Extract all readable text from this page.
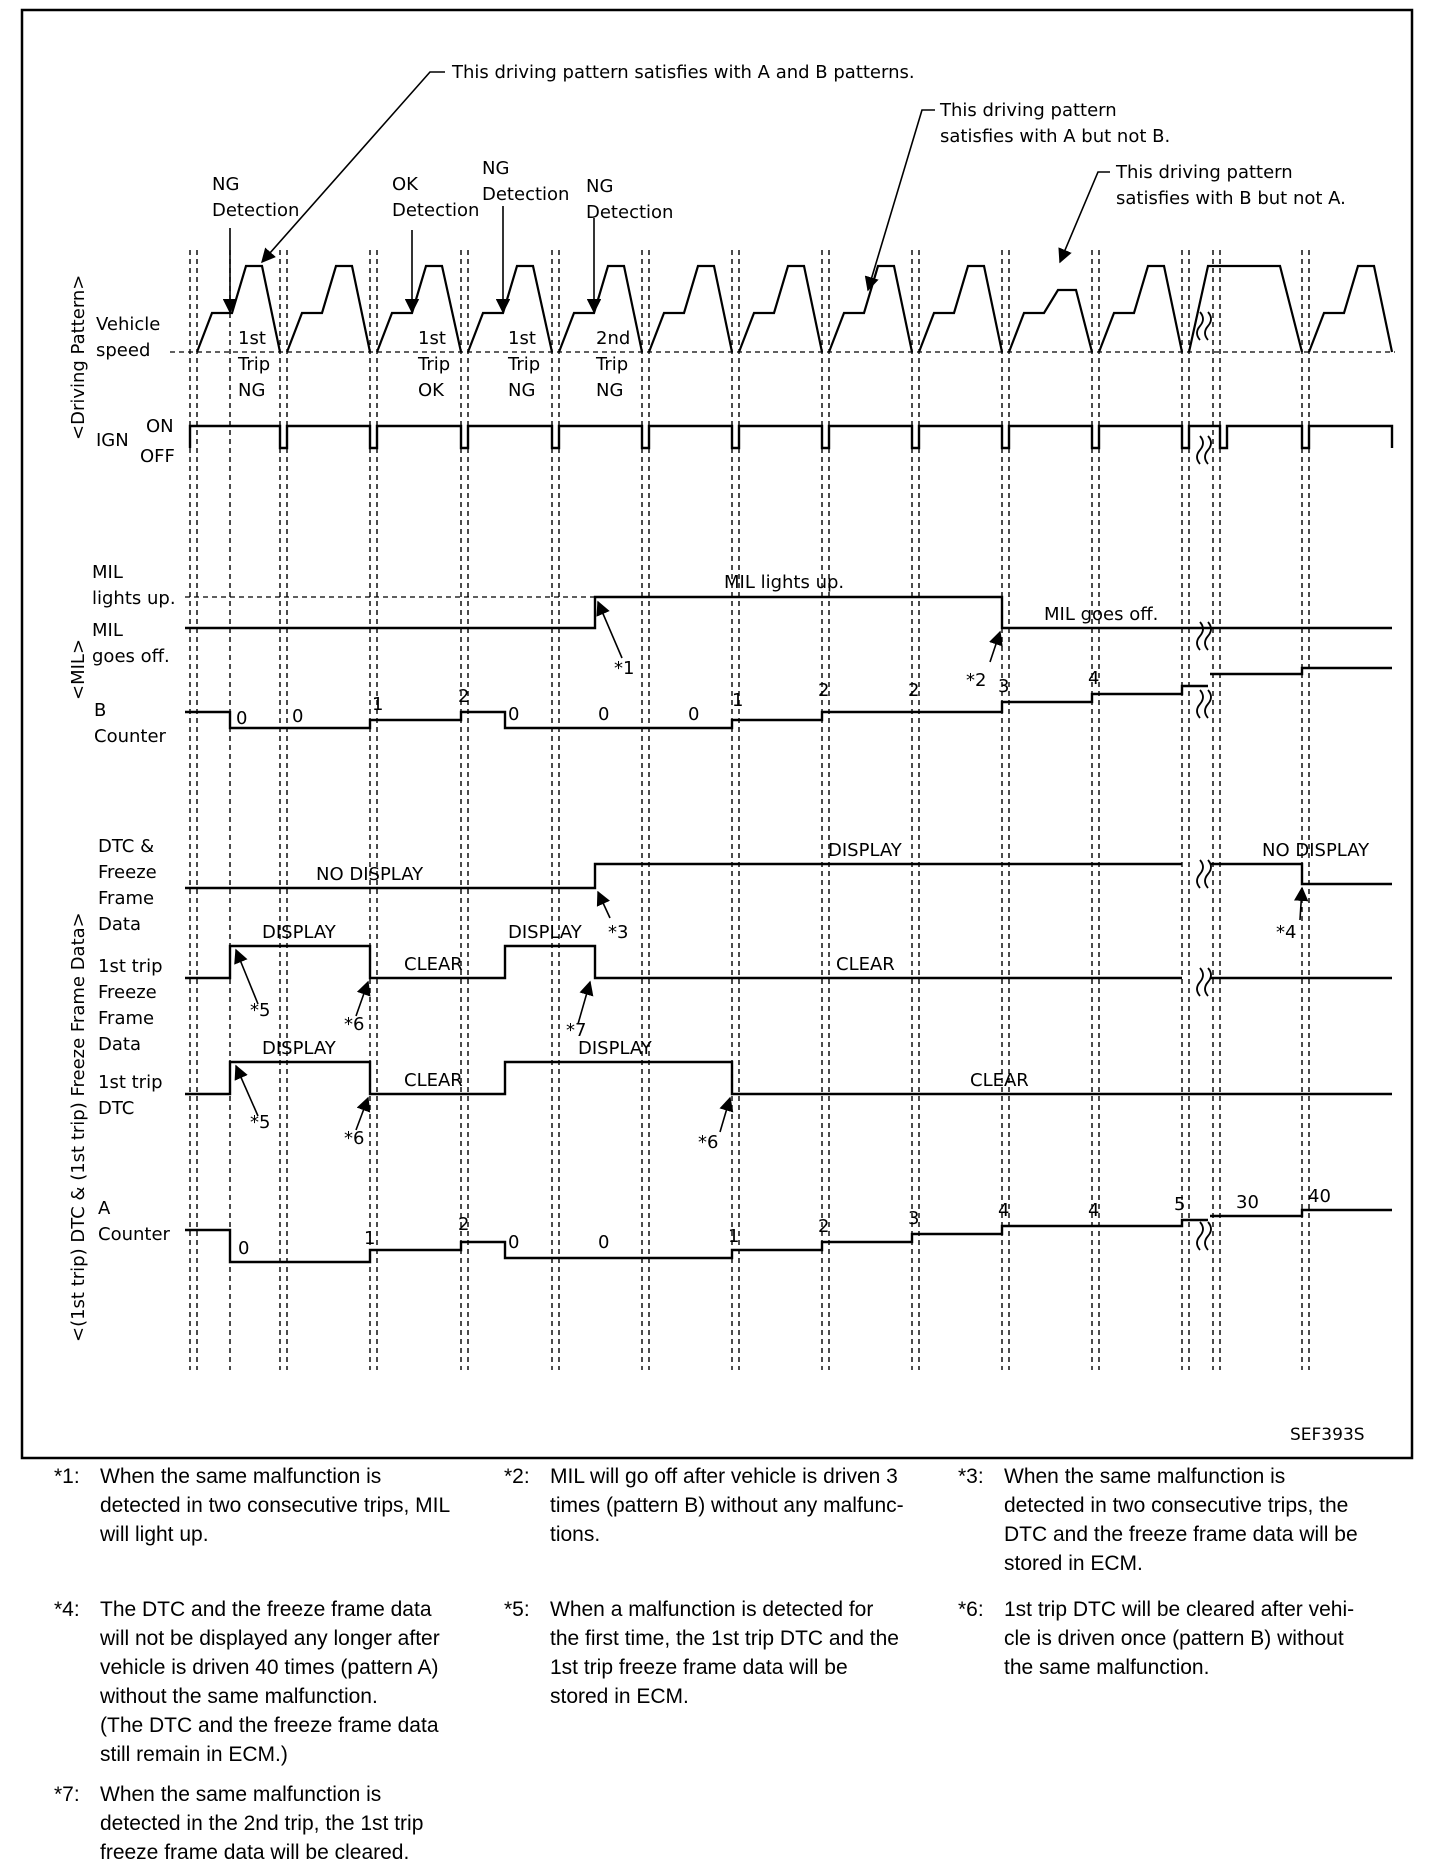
<Driving Pattern>
<MIL>
<(1st trip) DTC & (1st trip) Freeze Frame Data>
Vehicle
speed
IGN
ON
OFF
MIL
lights up.
MIL
goes off.
B
Counter
DTC &
Freeze
Frame
Data
1st trip
Freeze
Frame
Data
1st trip
DTC
A
Counter
This driving pattern satisfies with A and B patterns.
This driving pattern
satisfies with A but not B.
This driving pattern
satisfies with B but not A.
NG
Detection
OK
Detection
NG
Detection NG
Detection
1st
Trip
NG
1st
Trip
OK
1st
Trip
NG
2nd
Trip
NG
MIL lights up.
MIL goes off.
NO DISPLAY
DISPLAY	NO DISPLAY
DISPLAY
CLEAR
DISPLAY
CLEAR
DISPLAY
CLEAR
DISPLAY
CLEAR
*1
*2
*3	*4
*5
*6	*7
*5
*6	*6
0 0
1	2
0	0	0
1	2	2	3	4
0	1
2
0	0	1	2	3	4	4	5	30	40
SEF393S
*1: When the same malfunction is
detected in two consecutive trips, MIL
will light up.
*2: MIL will go off after vehicle is driven 3
times (pattern B) without any malfunc-
tions.
*3: When the same malfunction is
detected in two consecutive trips, the
DTC and the freeze frame data will be
stored in ECM.
*4: The DTC and the freeze frame data
will not be displayed any longer after
vehicle is driven 40 times (pattern A)
without the same malfunction.
(The DTC and the freeze frame data
still remain in ECM.)
*5: When a malfunction is detected for
the first time, the 1st trip DTC and the
1st trip freeze frame data will be
stored in ECM.
*6: 1st trip DTC will be cleared after vehi-
cle is driven once (pattern B) without
the same malfunction.
*7: When the same malfunction is
detected in the 2nd trip, the 1st trip
freeze frame data will be cleared.
